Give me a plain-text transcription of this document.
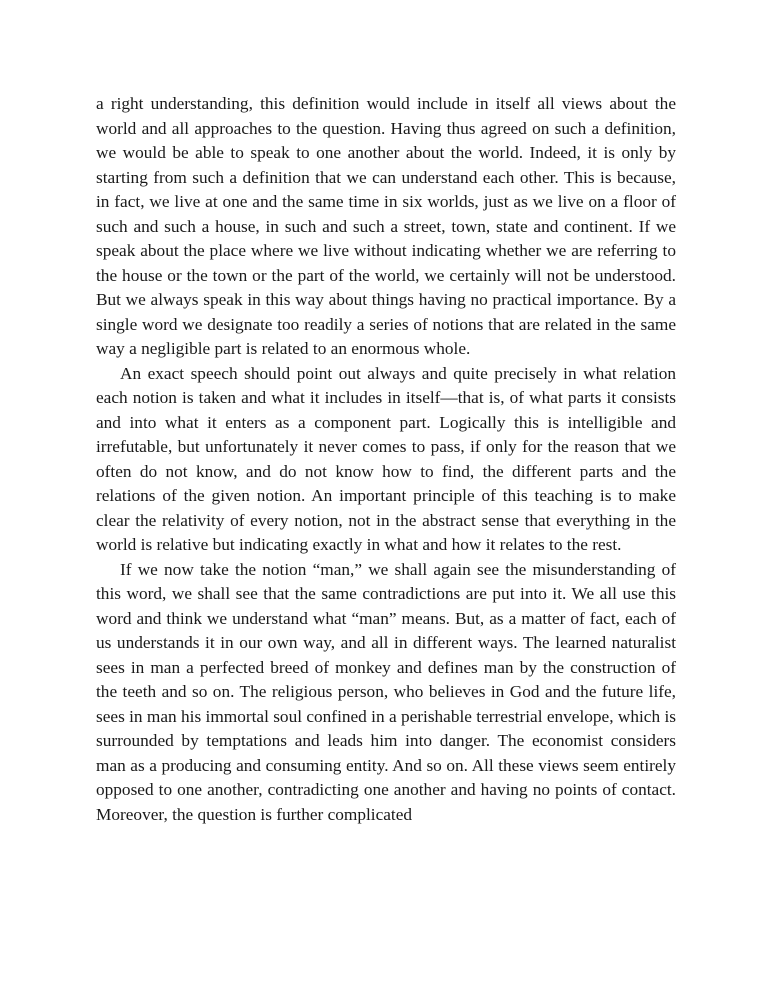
a right understanding, this definition would include in itself all views about the world and all approaches to the question. Having thus agreed on such a definition, we would be able to speak to one another about the world. Indeed, it is only by starting from such a definition that we can understand each other. This is because, in fact, we live at one and the same time in six worlds, just as we live on a floor of such and such a house, in such and such a street, town, state and continent. If we speak about the place where we live without indicating whether we are referring to the house or the town or the part of the world, we certainly will not be understood. But we always speak in this way about things having no practical importance. By a single word we designate too readily a series of notions that are related in the same way a negligible part is related to an enormous whole.

An exact speech should point out always and quite precisely in what relation each notion is taken and what it includes in itself—that is, of what parts it consists and into what it enters as a component part. Logically this is intelligible and irrefutable, but unfortunately it never comes to pass, if only for the reason that we often do not know, and do not know how to find, the different parts and the relations of the given notion. An important principle of this teaching is to make clear the relativity of every notion, not in the abstract sense that everything in the world is relative but indicating exactly in what and how it relates to the rest.

If we now take the notion “man,” we shall again see the misunderstanding of this word, we shall see that the same contradictions are put into it. We all use this word and think we understand what “man” means. But, as a matter of fact, each of us understands it in our own way, and all in different ways. The learned naturalist sees in man a perfected breed of monkey and defines man by the construction of the teeth and so on. The religious person, who believes in God and the future life, sees in man his immortal soul confined in a perishable terrestrial envelope, which is surrounded by temptations and leads him into danger. The economist considers man as a producing and consuming entity. And so on. All these views seem entirely opposed to one another, contradicting one another and having no points of contact. Moreover, the question is further complicated
